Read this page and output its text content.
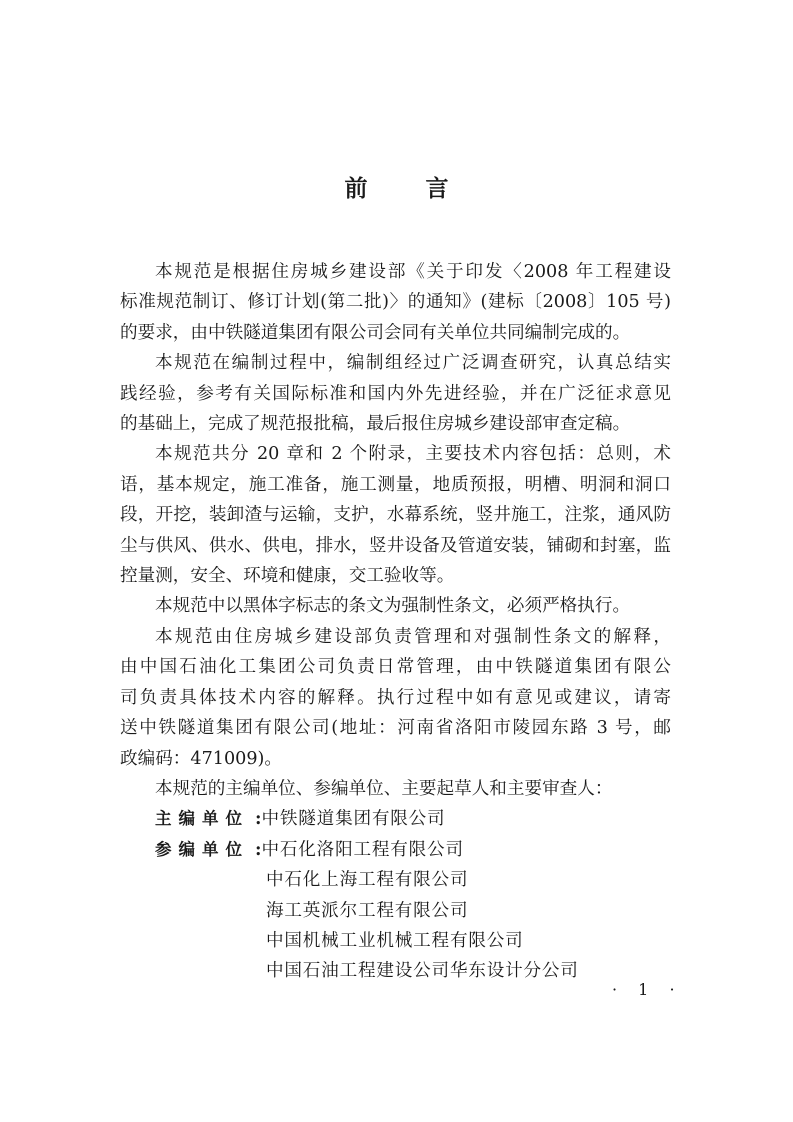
前	言
本规范是根据住房城乡建设部《关于印发〈2008 年工程建设
标准规范制订、修订计划(第二批)〉的通知》(建标〔2008〕105 号)
的要求，由中铁隧道集团有限公司会同有关单位共同编制完成的。
本规范在编制过程中，编制组经过广泛调查研究，认真总结实
践经验，参考有关国际标准和国内外先进经验，并在广泛征求意见
的基础上，完成了规范报批稿，最后报住房城乡建设部审查定稿。
本规范共分 20 章和 2 个附录，主要技术内容包括：总则，术
语，基本规定，施工准备，施工测量，地质预报，明槽、明洞和洞口
段，开挖，装卸渣与运输，支护，水幕系统，竖井施工，注浆，通风防
尘与供风、供水、供电，排水，竖井设备及管道安装，铺砌和封塞，监
控量测，安全、环境和健康，交工验收等。
本规范中以黑体字标志的条文为强制性条文，必须严格执行。
本规范由住房城乡建设部负责管理和对强制性条文的解释，
由中国石油化工集团公司负责日常管理，由中铁隧道集团有限公
司负责具体技术内容的解释。执行过程中如有意见或建议，请寄
送中铁隧道集团有限公司(地址：河南省洛阳市陵园东路 3 号，邮
政编码：471009)。
本规范的主编单位、参编单位、主要起草人和主要审查人：
主编单位 :中铁隧道集团有限公司
参编单位 :中石化洛阳工程有限公司
中石化上海工程有限公司
海工英派尔工程有限公司
中国机械工业机械工程有限公司
中国石油工程建设公司华东设计分公司
· 1 ·
